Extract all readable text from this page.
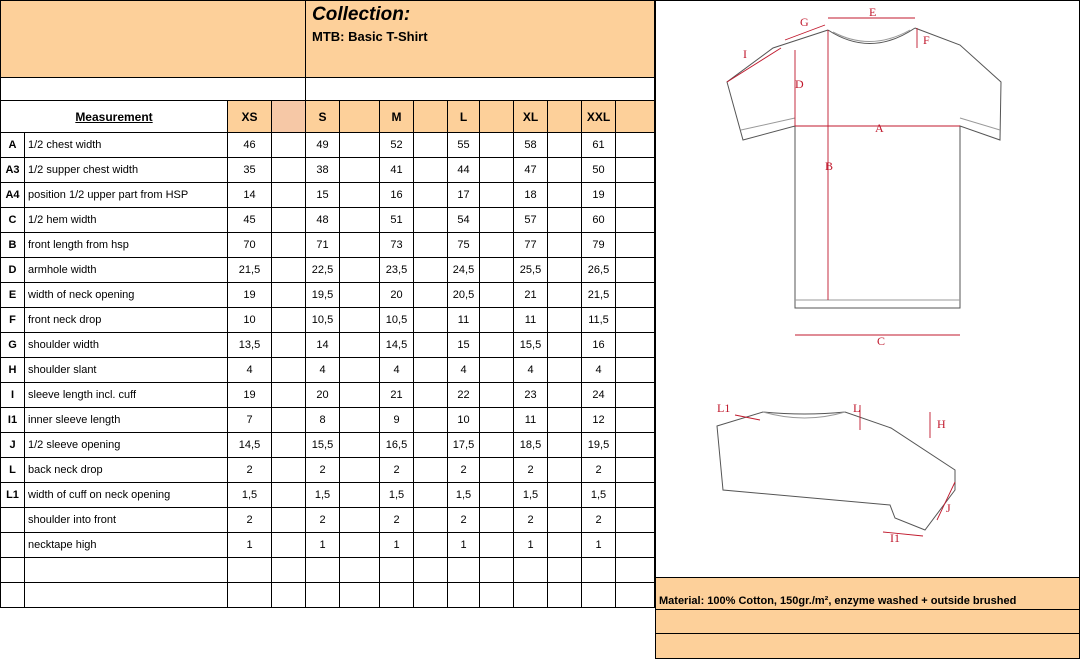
Collection:
MTB: Basic T-Shirt
Measurement		XS		S		M		L		XL		XXL	
A	1/2 chest width	46		49		52		55		58		61	
A3	1/2 supper chest width	35		38		41		44		47		50	
A4	position 1/2 upper part from HSP	14		15		16		17		18		19	
C	1/2 hem width	45		48		51		54		57		60	
B	front length from hsp	70		71		73		75		77		79	
D	armhole width	21,5		22,5		23,5		24,5		25,5		26,5	
E	width of neck opening	19		19,5		20		20,5		21		21,5	
F	front neck drop	10		10,5		10,5		11		11		11,5	
G	shoulder width	13,5		14		14,5		15		15,5		16	
H	shoulder slant	4		4		4		4		4		4	
I	sleeve length incl. cuff	19		20		21		22		23		24	
I1	inner sleeve length	7		8		9		10		11		12	
J	1/2 sleeve opening	14,5		15,5		16,5		17,5		18,5		19,5	
L	back neck drop	2		2		2		2		2		2	
L1	width of cuff on neck opening	1,5		1,5		1,5		1,5		1,5		1,5	
	shoulder into front	2		2		2		2		2		2	
	necktape high	1		1		1		1		1		1	

Material: 100% Cotton, 150gr./m², enzyme washed + outside brushed
E
G
F
I
D
A
B
C
L1	L
H
J
I1
